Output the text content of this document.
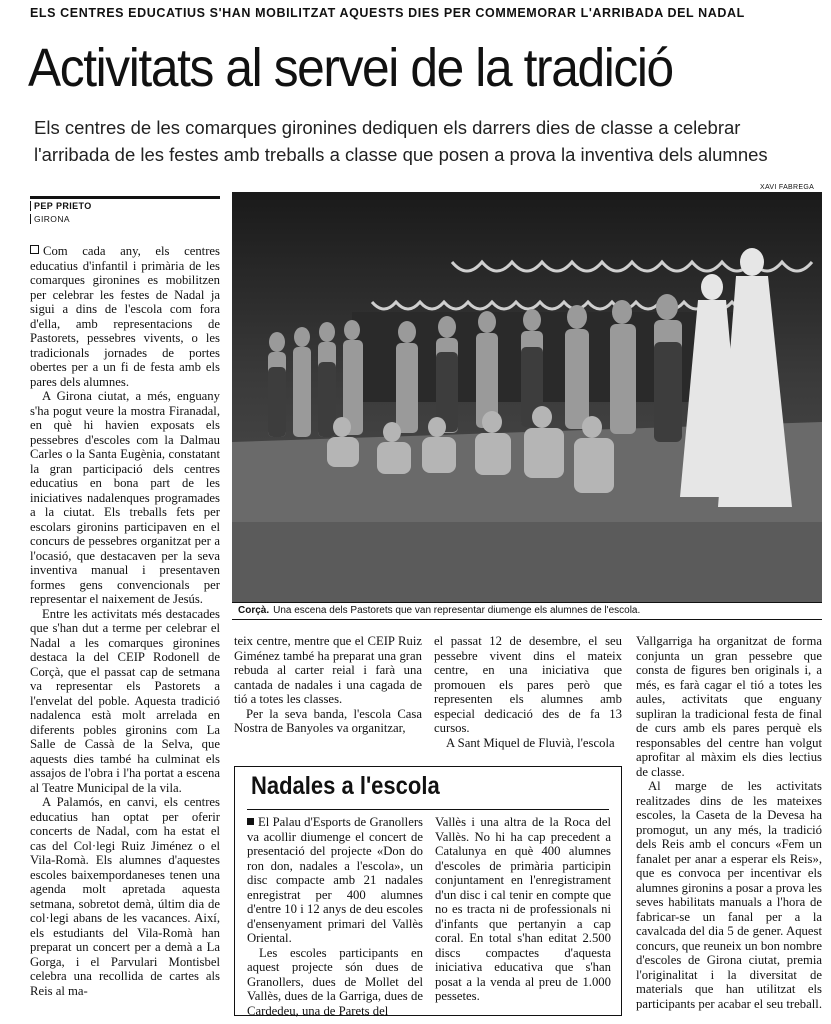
ELS CENTRES EDUCATIUS S'HAN MOBILITZAT AQUESTS DIES PER COMMEMORAR L'ARRIBADA DEL NADAL
Activitats al servei de la tradició
Els centres de les comarques gironines dediquen els darrers dies de classe a celebrar l'arribada de les festes amb treballs a classe que posen a prova la inventiva dels alumnes
XAVI FABREGA
PEP PRIETO
GIRONA

Com cada any, els centres educatius d'infantil i primària de les comarques gironines es mobilitzen per celebrar les festes de Nadal ja sigui a dins de l'escola com fora d'ella, amb representacions de Pastorets, pessebres vivents, o les tradicionals jornades de portes obertes per a un fi de festa amb els pares dels alumnes.

A Girona ciutat, a més, enguany s'ha pogut veure la mostra Firanadal, en què hi havien exposats els pessebres d'escoles com la Dalmau Carles o la Santa Eugènia, constatant la gran participació dels centres educatius en bona part de les iniciatives nadalenques programades a la ciutat. Els treballs fets per escolars gironins participaven en el concurs de pessebres organitzat per a l'ocasió, que destacaven per la seva inventiva manual i presentaven formes gens convencionals per representar el naixement de Jesús.

Entre les activitats més destacades que s'han dut a terme per celebrar el Nadal a les comarques gironines destaca la del CEIP Rodonell de Corçà, que el passat cap de setmana va representar els Pastorets a l'envelat del poble. Aquesta tradició nadalenca està molt arrelada en diferents pobles gironins com La Salle de Cassà de la Selva, que aquests dies també ha culminat els assajos de l'obra i l'ha portat a escena al Teatre Municipal de la vila.

A Palamós, en canvi, els centres educatius han optat per oferir concerts de Nadal, com ha estat el cas del Col·legi Ruiz Jiménez o el Vila-Romà. Els alumnes d'aquestes escoles baixempordaneses tenen una agenda molt apretada aquesta setmana, sobretot demà, últim dia de col·legi abans de les vacances. Així, els estudiants del Vila-Romà han preparat un concert per a demà a La Gorga, i el Parvulari Montisbel celebra una recollida de cartes als Reis al ma-

Corçà. Una escena dels Pastorets que van representar diumenge els alumnes de l'escola.

teix centre, mentre que el CEIP Ruiz Giménez també ha preparat una gran rebuda al carter reial i farà una cantada de nadales i una cagada de tió a totes les classes.

Per la seva banda, l'escola Casa Nostra de Banyoles va organitzar,

el passat 12 de desembre, el seu pessebre vivent dins el mateix centre, en una iniciativa que promouen els pares però que representen els alumnes amb especial dedicació des de fa 13 cursos.

A Sant Miquel de Fluvià, l'escola

Vallgarriga ha organitzat de forma conjunta un gran pessebre que consta de figures ben originals i, a més, es farà cagar el tió a totes les aules, activitats que enguany supliran la tradicional festa de final de curs amb els pares perquè els responsables del centre han volgut aprofitar al màxim els dies lectius de classe.

Al marge de les activitats realitzades dins de les mateixes escoles, la Caseta de la Devesa ha promogut, un any més, la tradició dels Reis amb el concurs «Fem un fanalet per anar a esperar els Reis», que es convoca per incentivar els alumnes gironins a posar a prova les seves habilitats manuals a l'hora de fabricar-se un fanal per a la cavalcada del dia 5 de gener. Aquest concurs, que reuneix un bon nombre d'escoles de Girona ciutat, premia l'originalitat i la diversitat de materials que han utilitzat els participants per acabar el seu treball.

Nadales a l'escola

El Palau d'Esports de Granollers va acollir diumenge el concert de presentació del projecte «Don do ron don, nadales a l'escola», un disc compacte amb 21 nadales enregistrat per 400 alumnes d'entre 10 i 12 anys de deu escoles d'ensenyament primari del Vallès Oriental.

Les escoles participants en aquest projecte són dues de Granollers, dues de Mollet del Vallès, dues de la Garriga, dues de Cardedeu, una de Parets del

Vallès i una altra de la Roca del Vallès. No hi ha cap precedent a Catalunya en què 400 alumnes d'escoles de primària participin conjuntament en l'enregistrament d'un disc i cal tenir en compte que no es tracta ni de professionals ni d'infants que pertanyin a cap coral. En total s'han editat 2.500 discs compactes d'aquesta iniciativa educativa que s'han posat a la venda al preu de 1.000 pessetes.
